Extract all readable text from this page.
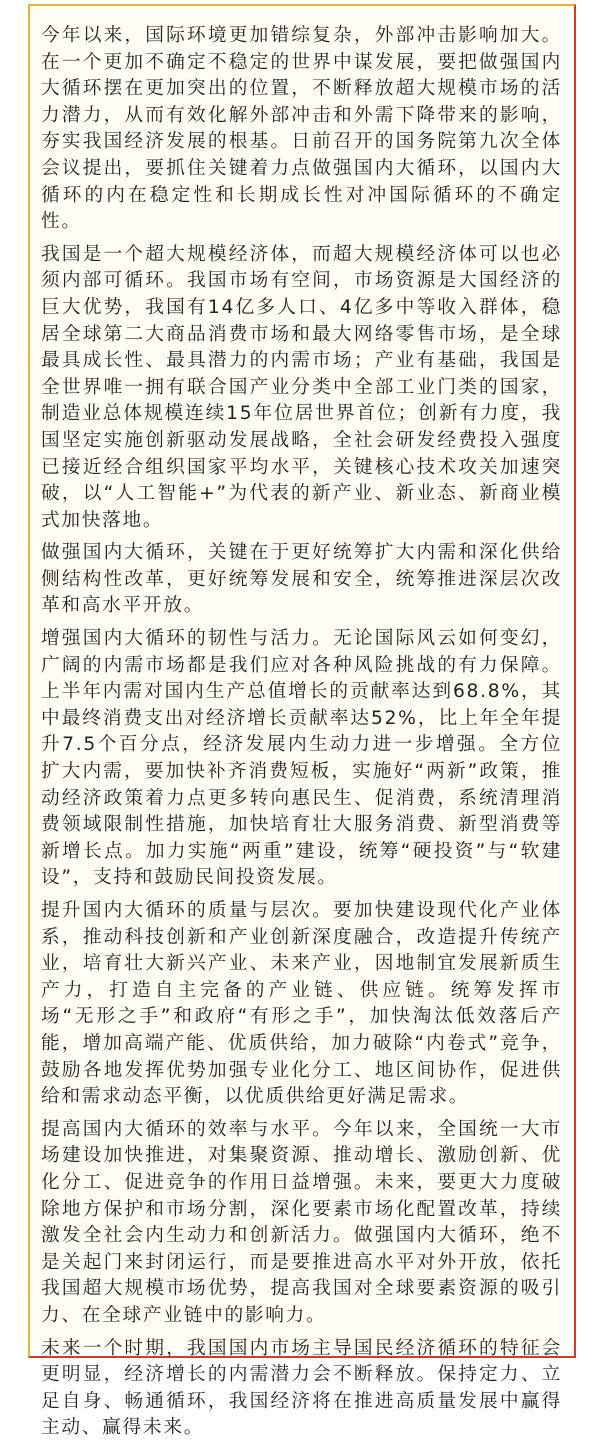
今年以来，国际环境更加错综复杂，外部冲击影响加大。在一个更加不确定不稳定的世界中谋发展，要把做强国内大循环摆在更加突出的位置，不断释放超大规模市场的活力潜力，从而有效化解外部冲击和外需下降带来的影响，夯实我国经济发展的根基。日前召开的国务院第九次全体会议提出，要抓住关键着力点做强国内大循环，以国内大循环的内在稳定性和长期成长性对冲国际循环的不确定性。

我国是一个超大规模经济体，而超大规模经济体可以也必须内部可循环。我国市场有空间，市场资源是大国经济的巨大优势，我国有14亿多人口、4亿多中等收入群体，稳居全球第二大商品消费市场和最大网络零售市场，是全球最具成长性、最具潜力的内需市场；产业有基础，我国是全世界唯一拥有联合国产业分类中全部工业门类的国家，制造业总体规模连续15年位居世界首位；创新有力度，我国坚定实施创新驱动发展战略，全社会研发经费投入强度已接近经合组织国家平均水平，关键核心技术攻关加速突破，以“人工智能+”为代表的新产业、新业态、新商业模式加快落地。

做强国内大循环，关键在于更好统筹扩大内需和深化供给侧结构性改革，更好统筹发展和安全，统筹推进深层次改革和高水平开放。

增强国内大循环的韧性与活力。无论国际风云如何变幻，广阔的内需市场都是我们应对各种风险挑战的有力保障。上半年内需对国内生产总值增长的贡献率达到68.8%，其中最终消费支出对经济增长贡献率达52%，比上年全年提升7.5个百分点，经济发展内生动力进一步增强。全方位扩大内需，要加快补齐消费短板，实施好“两新”政策，推动经济政策着力点更多转向惠民生、促消费，系统清理消费领域限制性措施，加快培育壮大服务消费、新型消费等新增长点。加力实施“两重”建设，统筹“硬投资”与“软建设”，支持和鼓励民间投资发展。

提升国内大循环的质量与层次。要加快建设现代化产业体系，推动科技创新和产业创新深度融合，改造提升传统产业，培育壮大新兴产业、未来产业，因地制宜发展新质生产力，打造自主完备的产业链、供应链。统筹发挥市场“无形之手”和政府“有形之手”，加快淘汰低效落后产能，增加高端产能、优质供给，加力破除“内卷式”竞争，鼓励各地发挥优势加强专业化分工、地区间协作，促进供给和需求动态平衡，以优质供给更好满足需求。

提高国内大循环的效率与水平。今年以来，全国统一大市场建设加快推进，对集聚资源、推动增长、激励创新、优化分工、促进竞争的作用日益增强。未来，要更大力度破除地方保护和市场分割，深化要素市场化配置改革，持续激发全社会内生动力和创新活力。做强国内大循环，绝不是关起门来封闭运行，而是要推进高水平对外开放，依托我国超大规模市场优势，提高我国对全球要素资源的吸引力、在全球产业链中的影响力。

未来一个时期，我国国内市场主导国民经济循环的特征会更明显，经济增长的内需潜力会不断释放。保持定力、立足自身、畅通循环，我国经济将在推进高质量发展中赢得主动、赢得未来。
